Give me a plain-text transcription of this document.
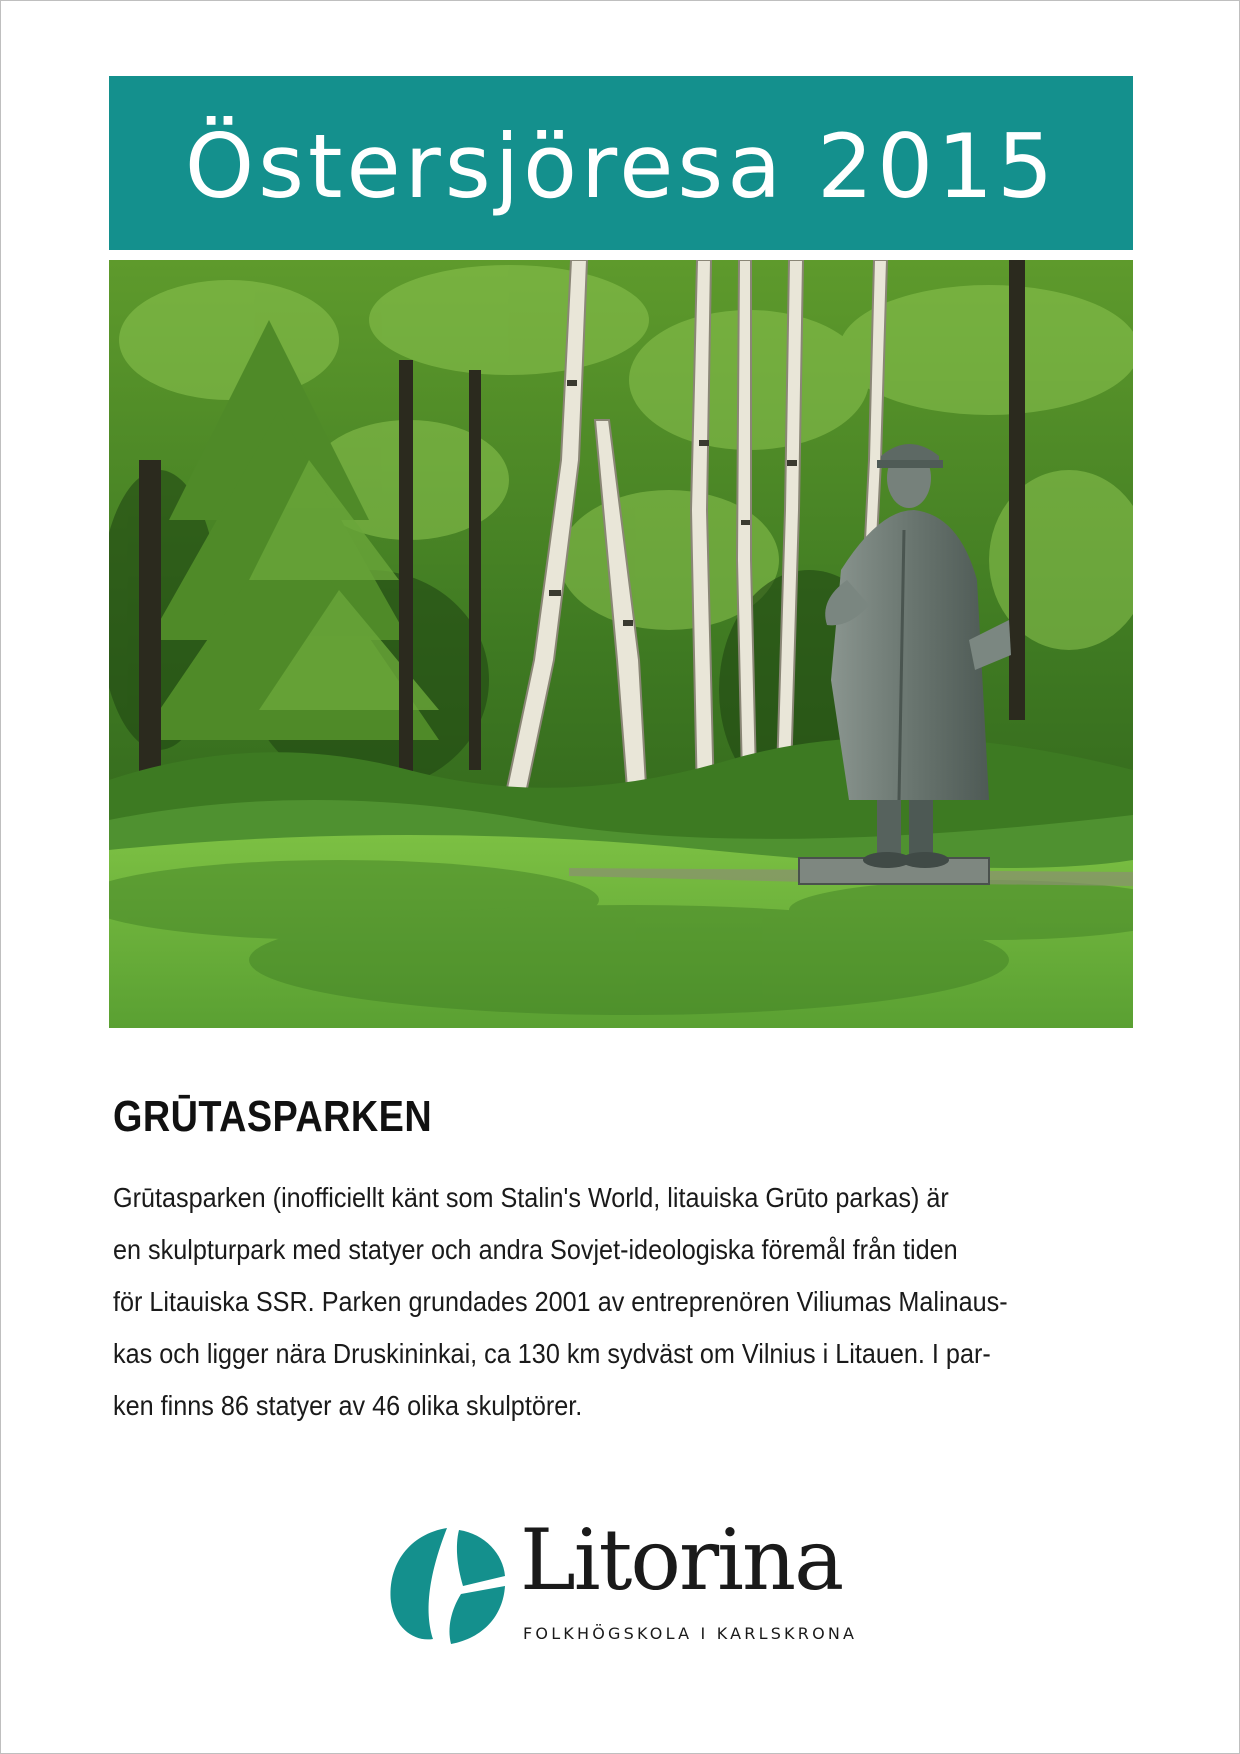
Östersjöresa 2015
GRŪTASPARKEN
Grūtasparken (inofficiellt känt som Stalin's World, litauiska Grūto parkas) är
en skulpturpark med statyer och andra Sovjet-ideologiska föremål från tiden
för Litauiska SSR. Parken grundades 2001 av entreprenören Viliumas Malinaus-
kas och ligger nära Druskininkai, ca 130 km sydväst om Vilnius i Litauen. I par-
ken finns 86 statyer av 46 olika skulptörer.
Litorina
FOLKHÖGSKOLA I KARLSKRONA
